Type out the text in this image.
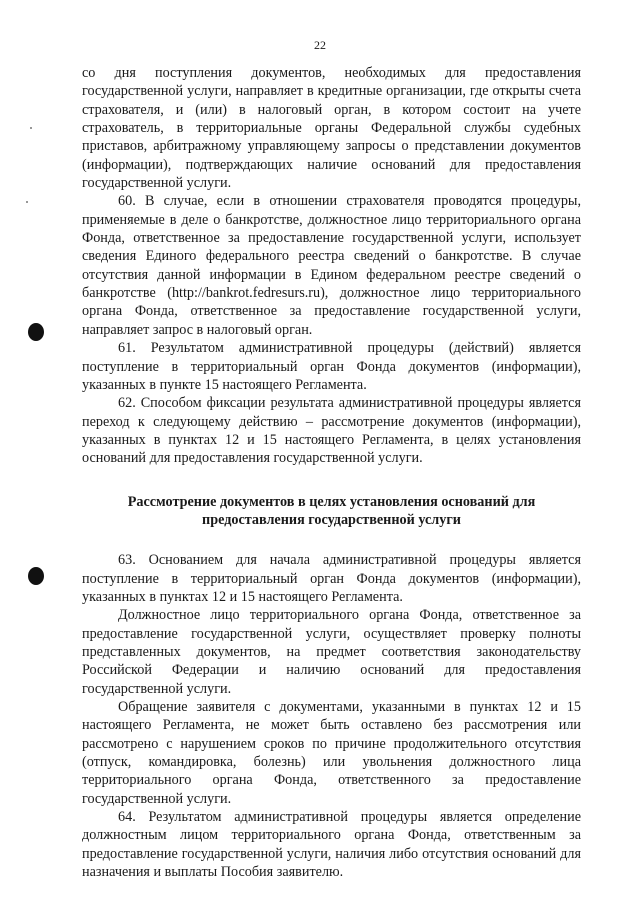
22

со дня поступления документов, необходимых для предоставления государственной услуги, направляет в кредитные организации, где открыты счета страхователя, и (или) в налоговый орган, в котором состоит на учете страхователь, в территориальные органы Федеральной службы судебных приставов, арбитражному управляющему запросы о представлении документов (информации), подтверждающих наличие оснований для предоставления государственной услуги.

60. В случае, если в отношении страхователя проводятся процедуры, применяемые в деле о банкротстве, должностное лицо территориального органа Фонда, ответственное за предоставление государственной услуги, использует сведения Единого федерального реестра сведений о банкротстве. В случае отсутствия данной информации в Едином федеральном реестре сведений о банкротстве (http://bankrot.fedresurs.ru), должностное лицо территориального органа Фонда, ответственное за предоставление государственной услуги, направляет запрос в налоговый орган.

61. Результатом административной процедуры (действий) является поступление в территориальный орган Фонда документов (информации), указанных в пункте 15 настоящего Регламента.

62. Способом фиксации результата административной процедуры является переход к следующему действию – рассмотрение документов (информации), указанных в пунктах 12 и 15 настоящего Регламента, в целях установления оснований для предоставления государственной услуги.

Рассмотрение документов в целях установления оснований для предоставления государственной услуги

63. Основанием для начала административной процедуры является поступление в территориальный орган Фонда документов (информации), указанных в пунктах 12 и 15 настоящего Регламента.

Должностное лицо территориального органа Фонда, ответственное за предоставление государственной услуги, осуществляет проверку полноты представленных документов, на предмет соответствия законодательству Российской Федерации и наличию оснований для предоставления государственной услуги.

Обращение заявителя с документами, указанными в пунктах 12 и 15 настоящего Регламента, не может быть оставлено без рассмотрения или рассмотрено с нарушением сроков по причине продолжительного отсутствия (отпуск, командировка, болезнь) или увольнения должностного лица территориального органа Фонда, ответственного за предоставление государственной услуги.

64. Результатом административной процедуры является определение должностным лицом территориального органа Фонда, ответственным за предоставление государственной услуги, наличия либо отсутствия оснований для назначения и выплаты Пособия заявителю.
